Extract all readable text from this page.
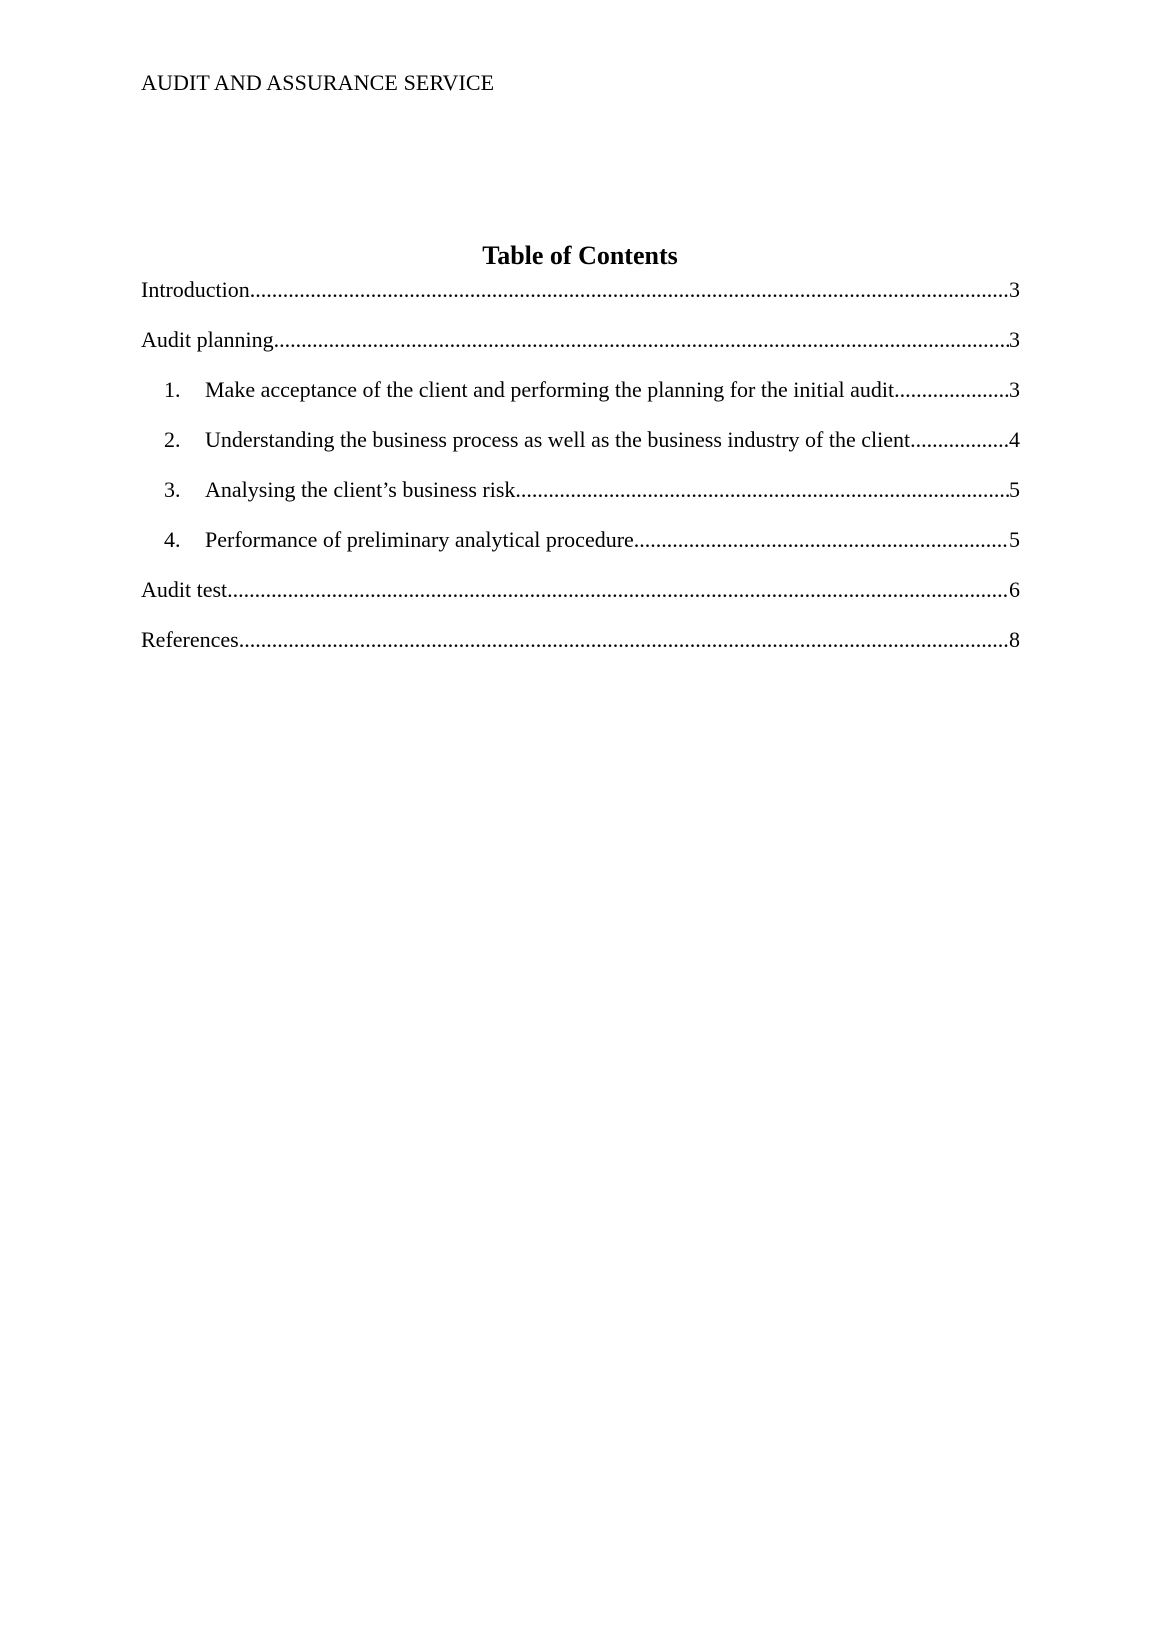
AUDIT AND ASSURANCE SERVICE
Table of Contents
Introduction .....	3
Audit planning .....	3
1.	Make acceptance of the client and performing the planning for the initial audit .....	3
2.	Understanding the business process as well as the business industry of the client .....	4
3.	Analysing the client’s business risk .....	5
4.	Performance of preliminary analytical procedure .....	5
Audit test .....	6
References .....	8
